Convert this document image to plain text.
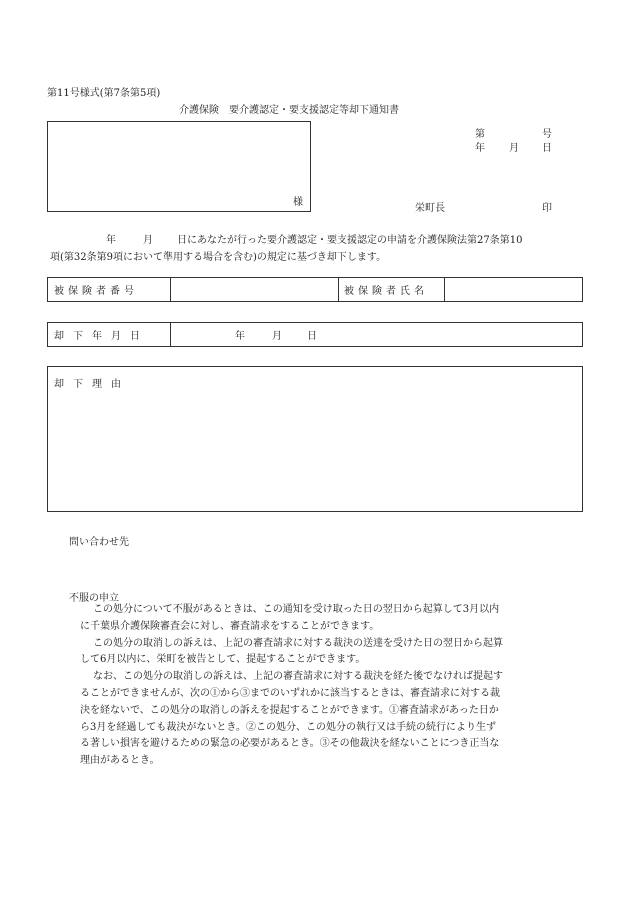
第11号様式(第7条第5項)
介護保険　要介護認定・要支援認定等却下通知書
様
第	号
年 月 日
栄町長	印
年	月 日にあなたが行った要介護認定・要支援認定の申請を介護保険法第27条第10
項(第32条第9項において準用する場合を含む)の規定に基づき却下します。
被保険者番号	被保険者氏名
却下年月日	年	月	日
却下理由
問い合わせ先
不服の申立

この処分について不服があるときは、この通知を受け取った日の翌日から起算して3月以内

に千葉県介護保険審査会に対し、審査請求をすることができます。

この処分の取消しの訴えは、上記の審査請求に対する裁決の送達を受けた日の翌日から起算

して6月以内に、栄町を被告として、提起することができます。

なお、この処分の取消しの訴えは、上記の審査請求に対する裁決を経た後でなければ提起す

ることができませんが、次の①から③までのいずれかに該当するときは、審査請求に対する裁

決を経ないで、この処分の取消しの訴えを提起することができます。①審査請求があった日か

ら3月を経過しても裁決がないとき。②この処分、この処分の執行又は手続の続行により生ず

る著しい損害を避けるための緊急の必要があるとき。③その他裁決を経ないことにつき正当な

理由があるとき。
